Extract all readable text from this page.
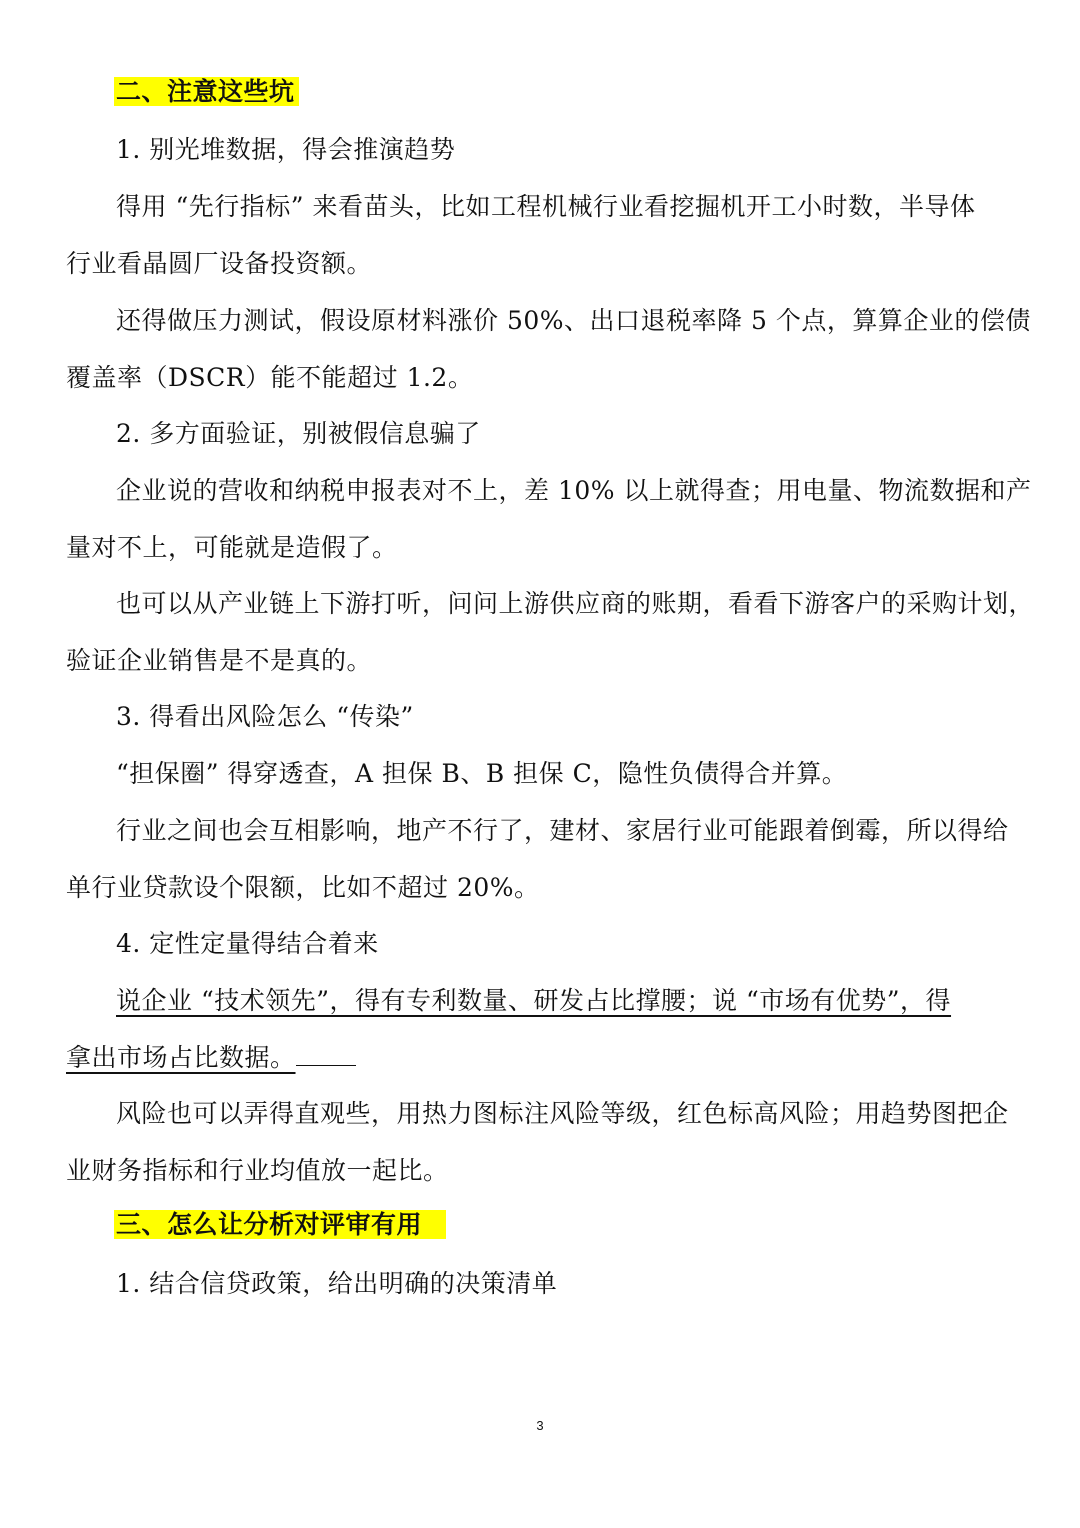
二、注意这些坑
1. 别光堆数据，得会推演趋势
得用 “先行指标” 来看苗头，比如工程机械行业看挖掘机开工小时数，半导体
行业看晶圆厂设备投资额。
还得做压力测试，假设原材料涨价 50%、出口退税率降 5 个点，算算企业的偿债
覆盖率（DSCR）能不能超过 1.2。
2. 多方面验证，别被假信息骗了
企业说的营收和纳税申报表对不上，差 10% 以上就得查；用电量、物流数据和产
量对不上，可能就是造假了。
也可以从产业链上下游打听，问问上游供应商的账期，看看下游客户的采购计划，
验证企业销售是不是真的。
3. 得看出风险怎么 “传染”
“担保圈” 得穿透查，A 担保 B、B 担保 C，隐性负债得合并算。
行业之间也会互相影响，地产不行了，建材、家居行业可能跟着倒霉，所以得给
单行业贷款设个限额，比如不超过 20%。
4. 定性定量得结合着来
说企业 “技术领先”，得有专利数量、研发占比撑腰；说 “市场有优势”，得
拿出市场占比数据。
风险也可以弄得直观些，用热力图标注风险等级，红色标高风险；用趋势图把企
业财务指标和行业均值放一起比。
三、怎么让分析对评审有用
1. 结合信贷政策，给出明确的决策清单
3
